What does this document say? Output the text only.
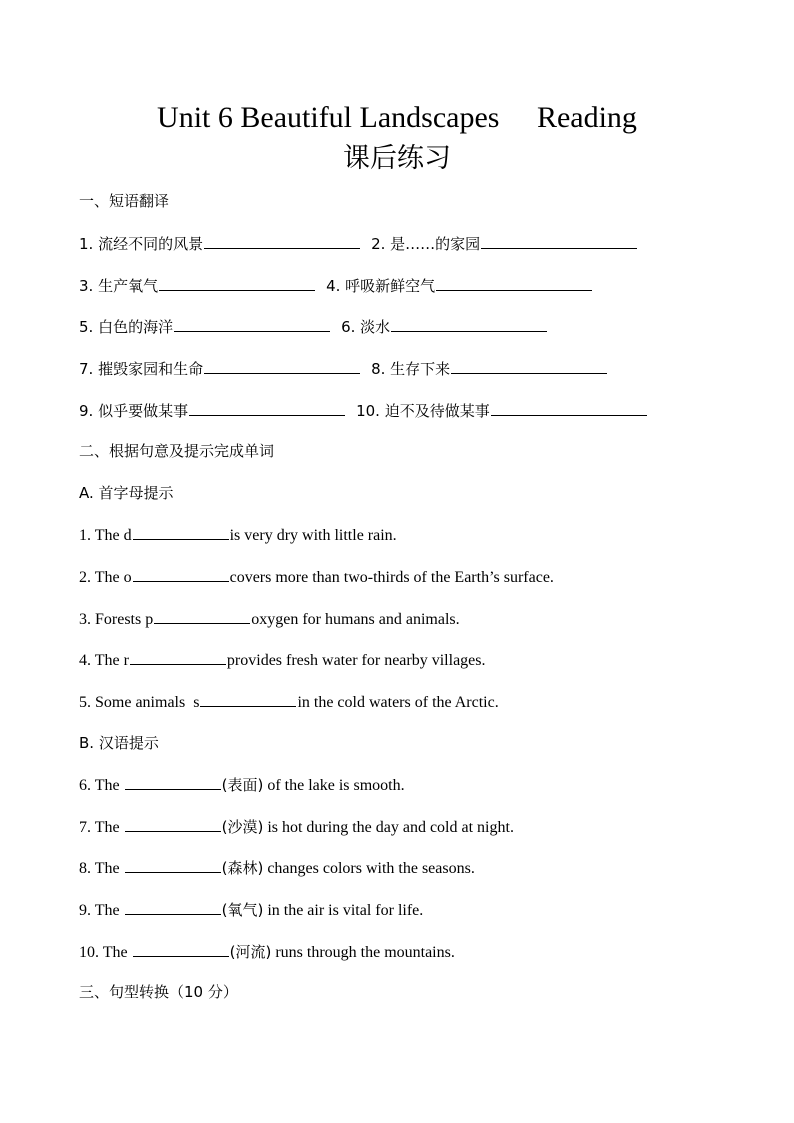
Unit 6 Beautiful Landscapes     Reading
课后练习
一、短语翻译
1. 流经不同的风景	2. 是……的家园
3. 生产氧气	4. 呼吸新鲜空气
5. 白色的海洋	6. 淡水
7. 摧毁家园和生命	8. 生存下来
9. 似乎要做某事	10. 迫不及待做某事
二、根据句意及提示完成单词
A. 首字母提示
1. The d	is very dry with little rain.
2. The o	covers more than two-thirds of the Earth’s surface.
3. Forests p	oxygen for humans and animals.
4. The r	provides fresh water for nearby villages.
5. Some animals  s	in the cold waters of the Arctic.
B. 汉语提示
6. The	(表面) of the lake is smooth.
7. The	(沙漠) is hot during the day and cold at night.
8. The	(森林) changes colors with the seasons.
9. The	(氧气) in the air is vital for life.
10. The	(河流) runs through the mountains.
三、句型转换（10 分）
